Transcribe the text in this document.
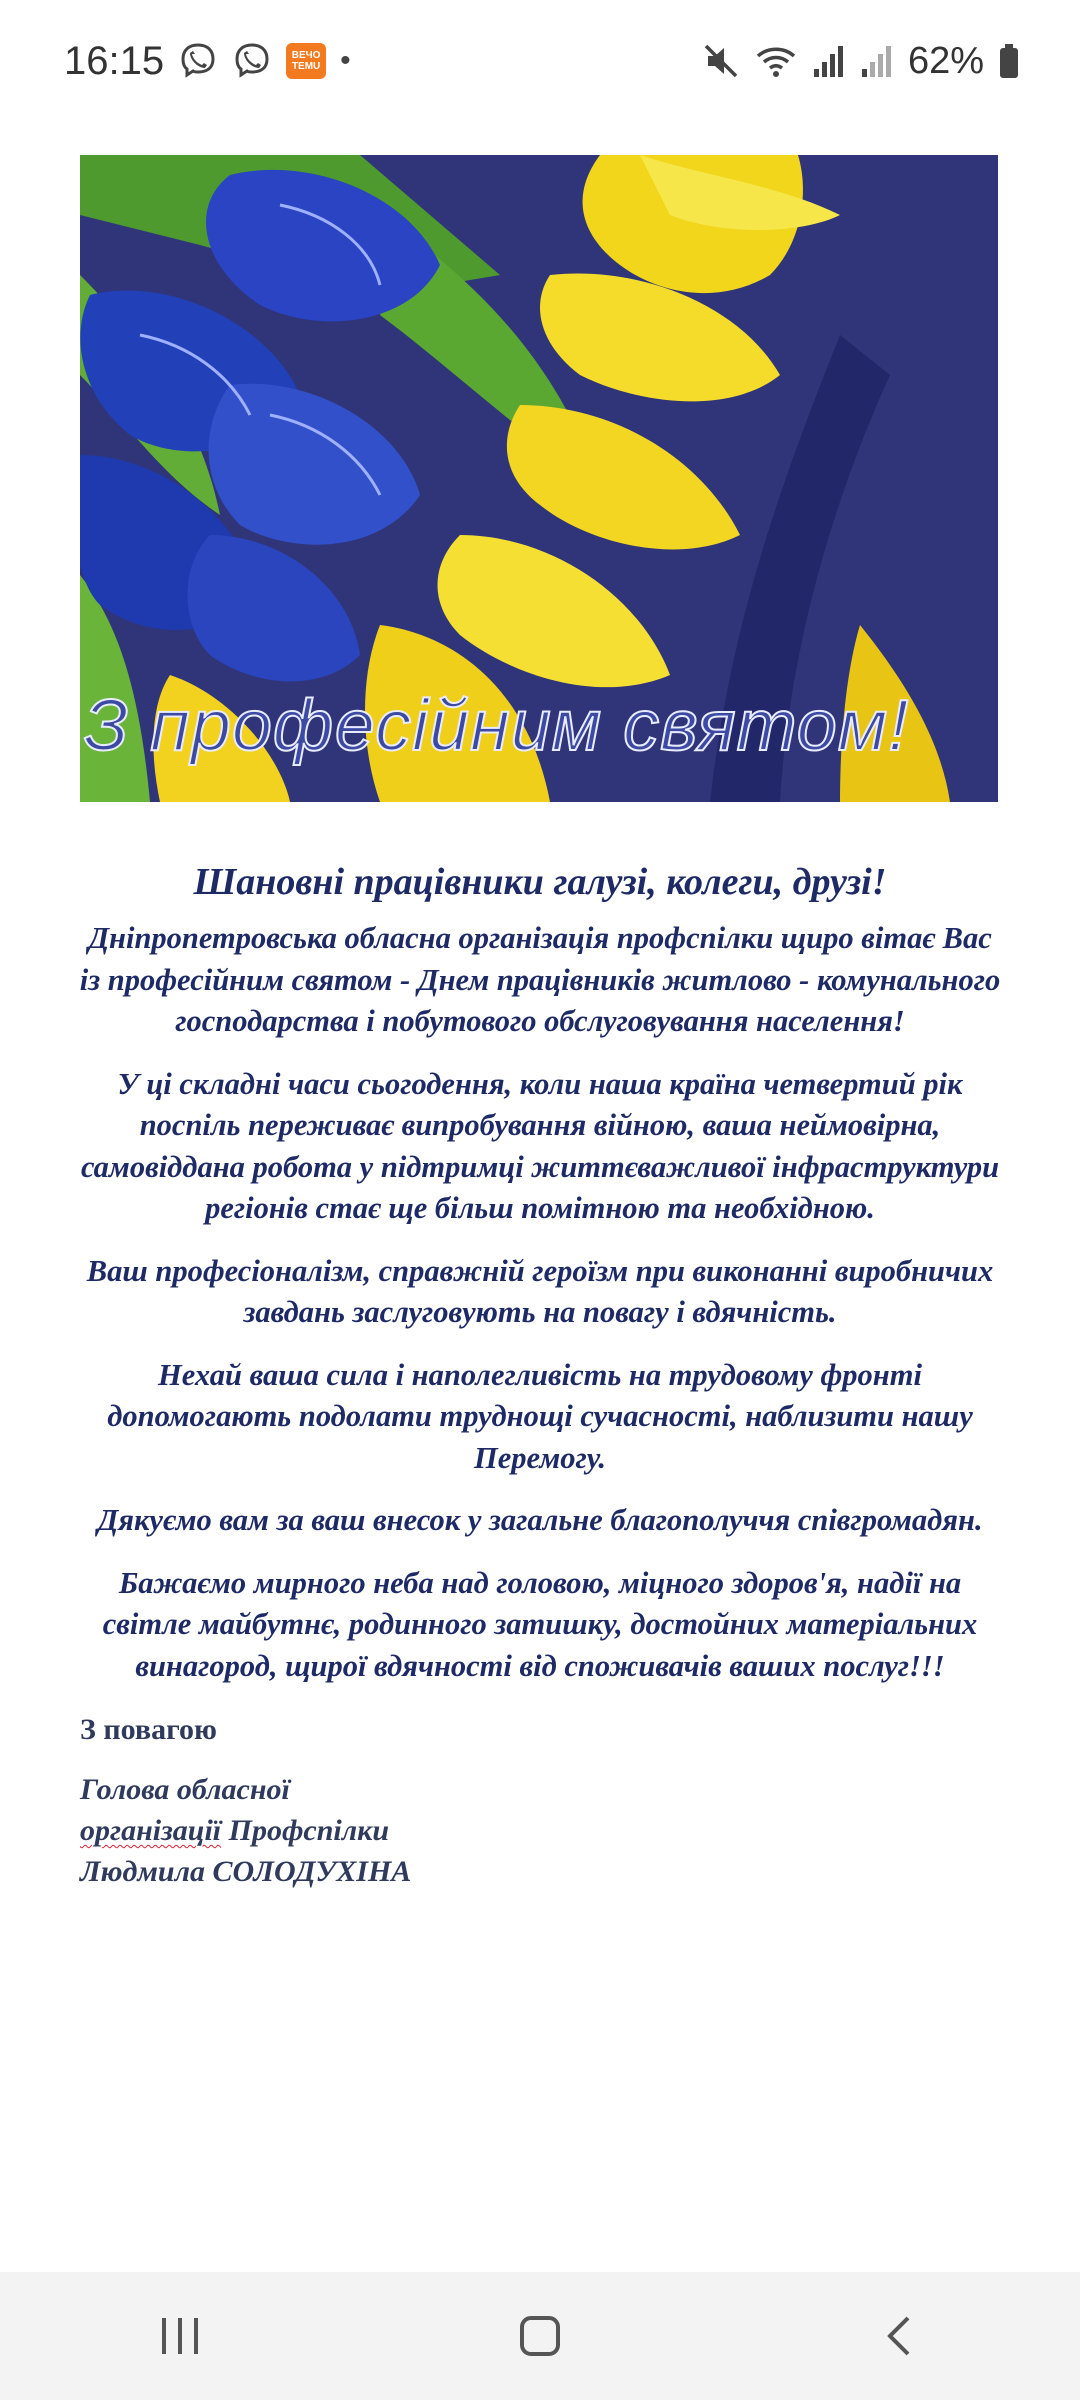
16:15	ВЕЧО
TEMU •	62%
З професійним святом!
Шановні працівники галузі, колеги, друзі!

Дніпропетровська обласна організація профспілки щиро вітає Вас із професійним святом - Днем працівників житлово - комунального господарства і побутового обслуговування населення!

У ці складні часи сьогодення, коли наша країна четвертий рік поспіль переживає випробування війною, ваша неймовірна, самовіддана робота у підтримці життєважливої інфраструктури регіонів стає ще більш помітною та необхідною.

Ваш професіоналізм, справжній героїзм при виконанні виробничих завдань заслуговують на повагу і вдячність.

Нехай ваша сила і наполегливість на трудовому фронті допомогають подолати труднощі сучасності, наблизити нашу Перемогу.

Дякуємо вам за ваш внесок у загальне благополуччя співгромадян.

Бажаємо мирного неба над головою, міцного здоров'я, надії на світле майбутнє, родинного затишку, достойних матеріальних винагород, щирої вдячності від споживачів ваших послуг!!!

З повагою
Голова обласної
організації Профспілки
Людмила СОЛОДУХІНА
